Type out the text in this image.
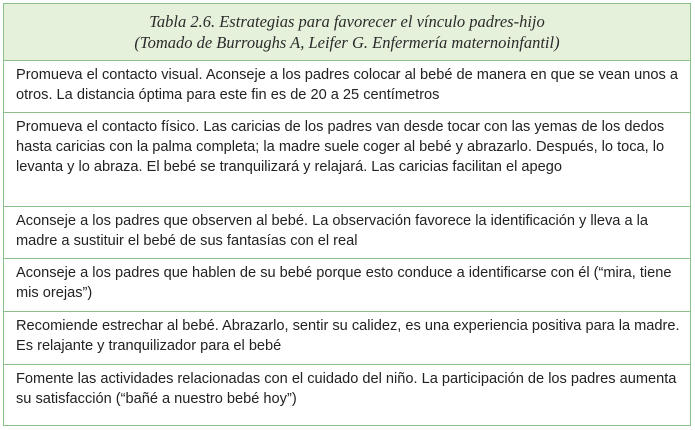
Tabla 2.6. Estrategias para favorecer el vínculo padres-hijo
(Tomado de Burroughs A, Leifer G. Enfermería maternoinfantil)
Promueva el contacto visual. Aconseje a los padres colocar al bebé de manera en que se vean unos a otros. La distancia óptima para este fin es de 20 a 25 centímetros
Promueva el contacto físico. Las caricias de los padres van desde tocar con las yemas de los dedos hasta caricias con la palma completa; la madre suele coger al bebé y abrazarlo. Después, lo toca, lo levanta y lo abraza. El bebé se tranquilizará y relajará. Las caricias facilitan el apego
Aconseje a los padres que observen al bebé. La observación favorece la identificación y lleva a la madre a sustituir el bebé de sus fantasías con el real
Aconseje a los padres que hablen de su bebé porque esto conduce a identificarse con él (“mira, tiene mis orejas”)
Recomiende estrechar al bebé. Abrazarlo, sentir su calidez, es una experiencia positiva para la madre. Es relajante y tranquilizador para el bebé
Fomente las actividades relacionadas con el cuidado del niño. La participación de los padres aumenta su satisfacción (“bañé a nuestro bebé hoy”)
